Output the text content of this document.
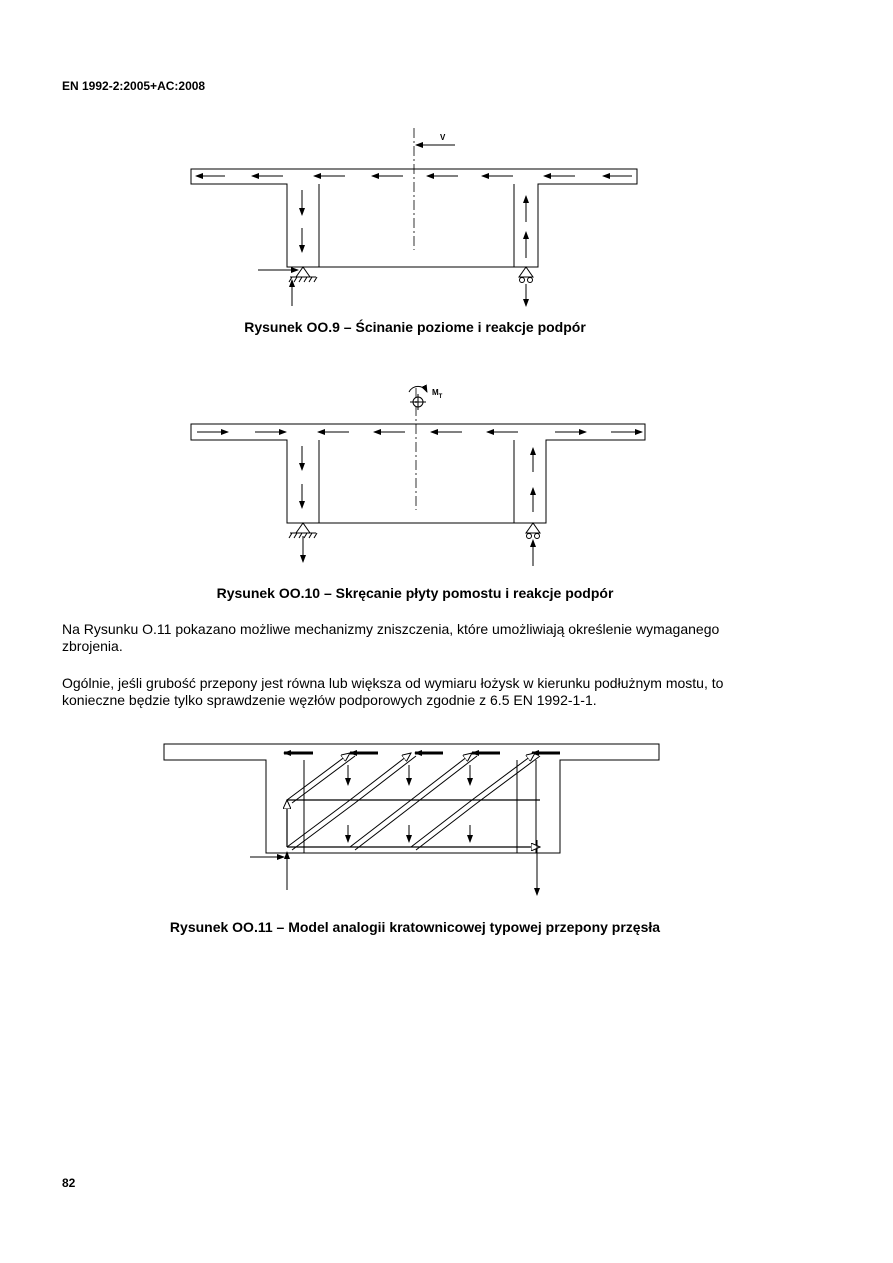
EN 1992-2:2005+AC:2008
V
Rysunek OO.9 – Ścinanie poziome i reakcje podpór
$M_T$
Rysunek OO.10 – Skręcanie płyty pomostu i reakcje podpór
Na Rysunku O.11 pokazano możliwe mechanizmy zniszczenia, które umożliwiają określenie wymaganego zbrojenia.
Ogólnie, jeśli grubość przepony jest równa lub większa od wymiaru łożysk w kierunku podłużnym mostu, to konieczne będzie tylko sprawdzenie węzłów podporowych zgodnie z 6.5 EN 1992-1-1.
Rysunek OO.11 – Model analogii kratownicowej typowej przepony przęsła
82
